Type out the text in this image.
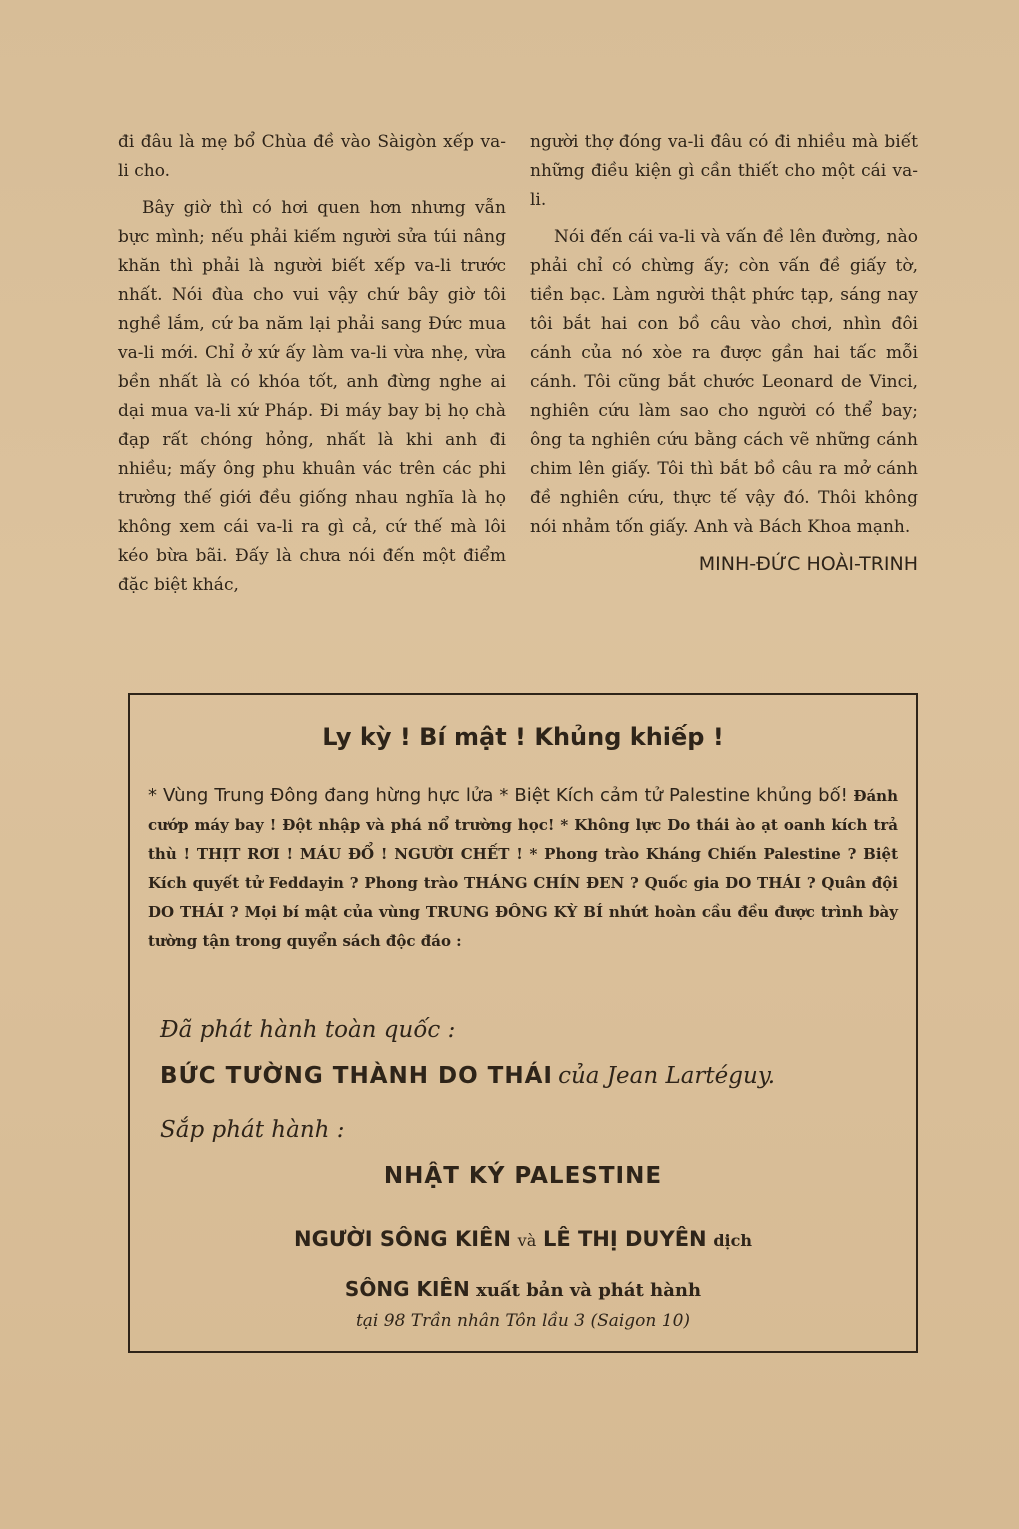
đi đâu là mẹ bổ Chùa đề vào Sàigòn xếp va-li cho.

Bây giờ thì có hơi quen hơn nhưng vẫn bực mình; nếu phải kiếm người sửa túi nâng khăn thì phải là người biết xếp va-li trước nhất. Nói đùa cho vui vậy chứ bây giờ tôi nghề lắm, cứ ba năm lại phải sang Đức mua va-li mới. Chỉ ở xứ ấy làm va-li vừa nhẹ, vừa bền nhất là có khóa tốt, anh đừng nghe ai dại mua va-li xứ Pháp. Đi máy bay bị họ chà đạp rất chóng hỏng, nhất là khi anh đi nhiều; mấy ông phu khuân vác trên các phi trường thế giới đều giống nhau nghĩa là họ không xem cái va-li ra gì cả, cứ thế mà lôi kéo bừa bãi. Đấy là chưa nói đến một điểm đặc biệt khác,

người thợ đóng va-li đâu có đi nhiều mà biết những điều kiện gì cần thiết cho một cái va-li.

Nói đến cái va-li và vấn đề lên đường, nào phải chỉ có chừng ấy; còn vấn đề giấy tờ, tiền bạc. Làm người thật phức tạp, sáng nay tôi bắt hai con bồ câu vào chơi, nhìn đôi cánh của nó xòe ra được gần hai tấc mỗi cánh. Tôi cũng bắt chước Leonard de Vinci, nghiên cứu làm sao cho người có thể bay; ông ta nghiên cứu bằng cách vẽ những cánh chim lên giấy. Tôi thì bắt bồ câu ra mở cánh đề nghiên cứu, thực tế vậy đó. Thôi không nói nhảm tốn giấy. Anh và Bách Khoa mạnh.

MINH-ĐỨC HOÀI-TRINH
Ly kỳ ! Bí mật ! Khủng khiếp !
* Vùng Trung Đông đang hừng hực lửa * Biệt Kích cảm tử Palestine khủng bố! Đánh cướp máy bay ! Đột nhập và phá nổ trường học! * Không lực Do thái ào ạt oanh kích trả thù ! THỊT RƠI ! MÁU ĐỔ ! NGƯỜI CHẾT ! * Phong trào Kháng Chiến Palestine ? Biệt Kích quyết tử Feddayin ? Phong trào THÁNG CHÍN ĐEN ? Quốc gia DO THÁI ? Quân đội DO THÁI ? Mọi bí mật của vùng TRUNG ĐÔNG KỲ BÍ nhứt hoàn cầu đều được trình bày tường tận trong quyển sách độc đáo :
Đã phát hành toàn quốc :
BỨC TƯỜNG THÀNH DO THÁI của Jean Lartéguy.
Sắp phát hành :
NHẬT KÝ PALESTINE
NGƯỜI SÔNG KIÊN và LÊ THỊ DUYÊN dịch
SÔNG KIÊN xuất bản và phát hành
tại 98 Trần nhân Tôn lầu 3 (Saigon 10)
